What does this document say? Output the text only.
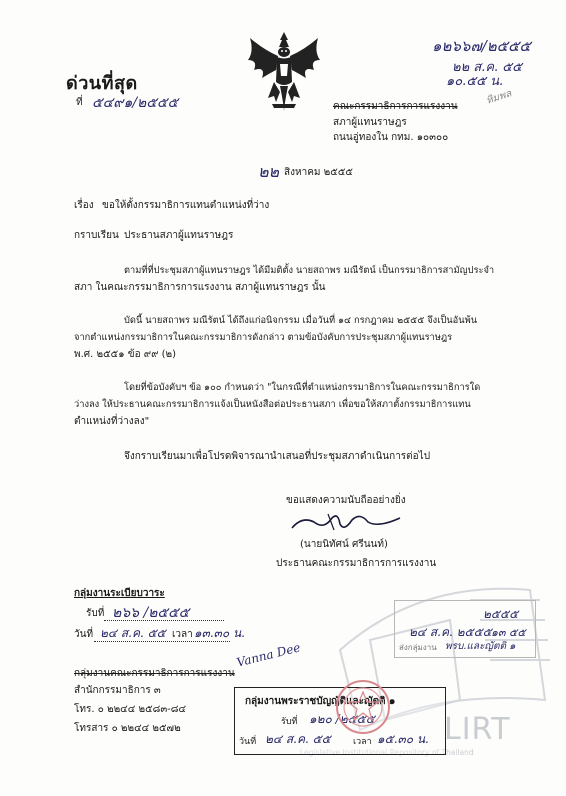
ด่วนที่สุด
ที่ ๕๔๙๑/๒๕๕๕
๑๒๖๖๗/๒๕๕๕
๒๒ ส.ค. ๕๕
๑๐.๕๕ น.
หิมพล
คณะกรรมาธิการการแรงงาน
สภาผู้แทนราษฎร
ถนนอู่ทองใน กทม. ๑๐๓๐๐
๒๒ สิงหาคม ๒๕๕๕
เรื่อง ขอให้ตั้งกรรมาธิการแทนตำแหน่งที่ว่าง
กราบเรียน ประธานสภาผู้แทนราษฎร
ตามที่ที่ประชุมสภาผู้แทนราษฎร ได้มีมติตั้ง นายสถาพร มณีรัตน์ เป็นกรรมาธิการสามัญประจำ
สภา ในคณะกรรมาธิการการแรงงาน สภาผู้แทนราษฎร นั้น
บัดนี้ นายสถาพร มณีรัตน์ ได้ถึงแก่อนิจกรรม เมื่อวันที่ ๑๔ กรกฎาคม ๒๕๕๕ จึงเป็นอันพ้น
จากตำแหน่งกรรมาธิการในคณะกรรมาธิการดังกล่าว ตามข้อบังคับการประชุมสภาผู้แทนราษฎร
พ.ศ. ๒๕๕๑ ข้อ ๙๙ (๒)
โดยที่ข้อบังคับฯ ข้อ ๑๐๐ กำหนดว่า "ในกรณีที่ตำแหน่งกรรมาธิการในคณะกรรมาธิการใด
ว่างลง ให้ประธานคณะกรรมาธิการแจ้งเป็นหนังสือต่อประธานสภา เพื่อขอให้สภาตั้งกรรมาธิการแทน
ตำแหน่งที่ว่างลง"
จึงกราบเรียนมาเพื่อโปรดพิจารณานำเสนอที่ประชุมสภาดำเนินการต่อไป
ขอแสดงความนับถืออย่างยิ่ง
(นายนิทัศน์ ศรีนนท์)
ประธานคณะกรรมาธิการการแรงงาน
กลุ่มงานระเบียบวาระ
รับที่ ๒๖๖ /๒๕๕๕
วันที่ ๒๔ ส.ค. ๕๕ เวลา ๑๓.๓๐ น.
Vanna Dee
กลุ่มงานคณะกรรมาธิการการแรงงาน
สำนักกรรมาธิการ ๓
โทร. ๐ ๒๒๔๔ ๒๕๘๓-๘๔
โทรสาร ๐ ๒๒๔๔ ๒๕๗๒	LIRT
Legislative Institutional Repository of Thailand
๒๕๕๕
๒๔ ส.ค. ๒๕๕๕ ๑๓ ๕๕
ส่งกลุ่มงาน พรบ.และญัตติ ๑
กลุ่มงานพระราชบัญญัติและญัตติ ๑
รับที่ ๑๒๐ /๒๕๕๕
วันที่ ๒๔ ส.ค. ๕๕ เวลา ๑๕.๓๐ น.
